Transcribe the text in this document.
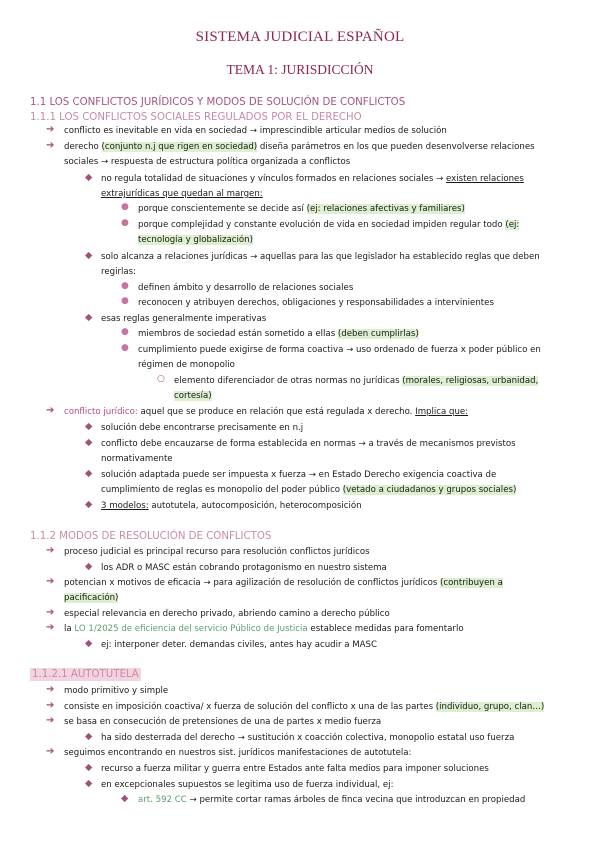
SISTEMA JUDICIAL ESPAÑOL
TEMA 1: JURISDICCIÓN
1.1 LOS CONFLICTOS JURÍDICOS Y MODOS DE SOLUCIÓN DE CONFLICTOS
1.1.1 LOS CONFLICTOS SOCIALES REGULADOS POR EL DERECHO
➔ conflicto es inevitable en vida en sociedad → imprescindible articular medios de solución
➔ derecho (conjunto n.j que rigen en sociedad) diseña parámetros en los que pueden desenvolverse relaciones
sociales → respuesta de estructura política organizada a conflictos
◆ no regula totalidad de situaciones y vínculos formados en relaciones sociales → existen relaciones
extrajurídicas que quedan al margen:
● porque conscientemente se decide así (ej: relaciones afectivas y familiares)
● porque complejidad y constante evolución de vida en sociedad impiden regular todo (ej:
tecnología y globalización)
◆ solo alcanza a relaciones jurídicas → aquellas para las que legislador ha establecido reglas que deben
regirlas:
● definen ámbito y desarrollo de relaciones sociales
● reconocen y atribuyen derechos, obligaciones y responsabilidades a intervinientes
◆ esas reglas generalmente imperativas
● miembros de sociedad están sometido a ellas (deben cumplirlas)
● cumplimiento puede exigirse de forma coactiva → uso ordenado de fuerza x poder público en
régimen de monopolio
○ elemento diferenciador de otras normas no jurídicas (morales, religiosas, urbanidad,
cortesía)
➔ conflicto jurídico: aquel que se produce en relación que está regulada x derecho. Implica que:
◆ solución debe encontrarse precisamente en n.j
◆ conflicto debe encauzarse de forma establecida en normas → a través de mecanismos previstos
normativamente
◆ solución adaptada puede ser impuesta x fuerza → en Estado Derecho exigencia coactiva de
cumplimiento de reglas es monopolio del poder público (vetado a ciudadanos y grupos sociales)
◆ 3 modelos: autotutela, autocomposición, heterocomposición
1.1.2 MODOS DE RESOLUCIÓN DE CONFLICTOS
➔ proceso judicial es principal recurso para resolución conflictos jurídicos
◆ los ADR o MASC están cobrando protagonismo en nuestro sistema
➔ potencian x motivos de eficacia → para agilización de resolución de conflictos jurídicos (contribuyen a
pacificación)
➔ especial relevancia en derecho privado, abriendo camino a derecho público
➔ la LO 1/2025 de eficiencia del servicio Público de Justicia establece medidas para fomentarlo
◆ ej: interponer deter. demandas civiles, antes hay acudir a MASC
1.1.2.1 AUTOTUTELA
➔ modo primitivo y simple
➔ consiste en imposición coactiva/ x fuerza de solución del conflicto x una de las partes (individuo, grupo, clan…)
➔ se basa en consecución de pretensiones de una de partes x medio fuerza
◆ ha sido desterrada del derecho → sustitución x coacción colectiva, monopolio estatal uso fuerza
➔ seguimos encontrando en nuestros sist. jurídicos manifestaciones de autotutela:
◆ recurso a fuerza militar y guerra entre Estados ante falta medios para imponer soluciones
◆ en excepcionales supuestos se legitima uso de fuerza individual, ej:
◆ art. 592 CC → permite cortar ramas árboles de finca vecina que introduzcan en propiedad
